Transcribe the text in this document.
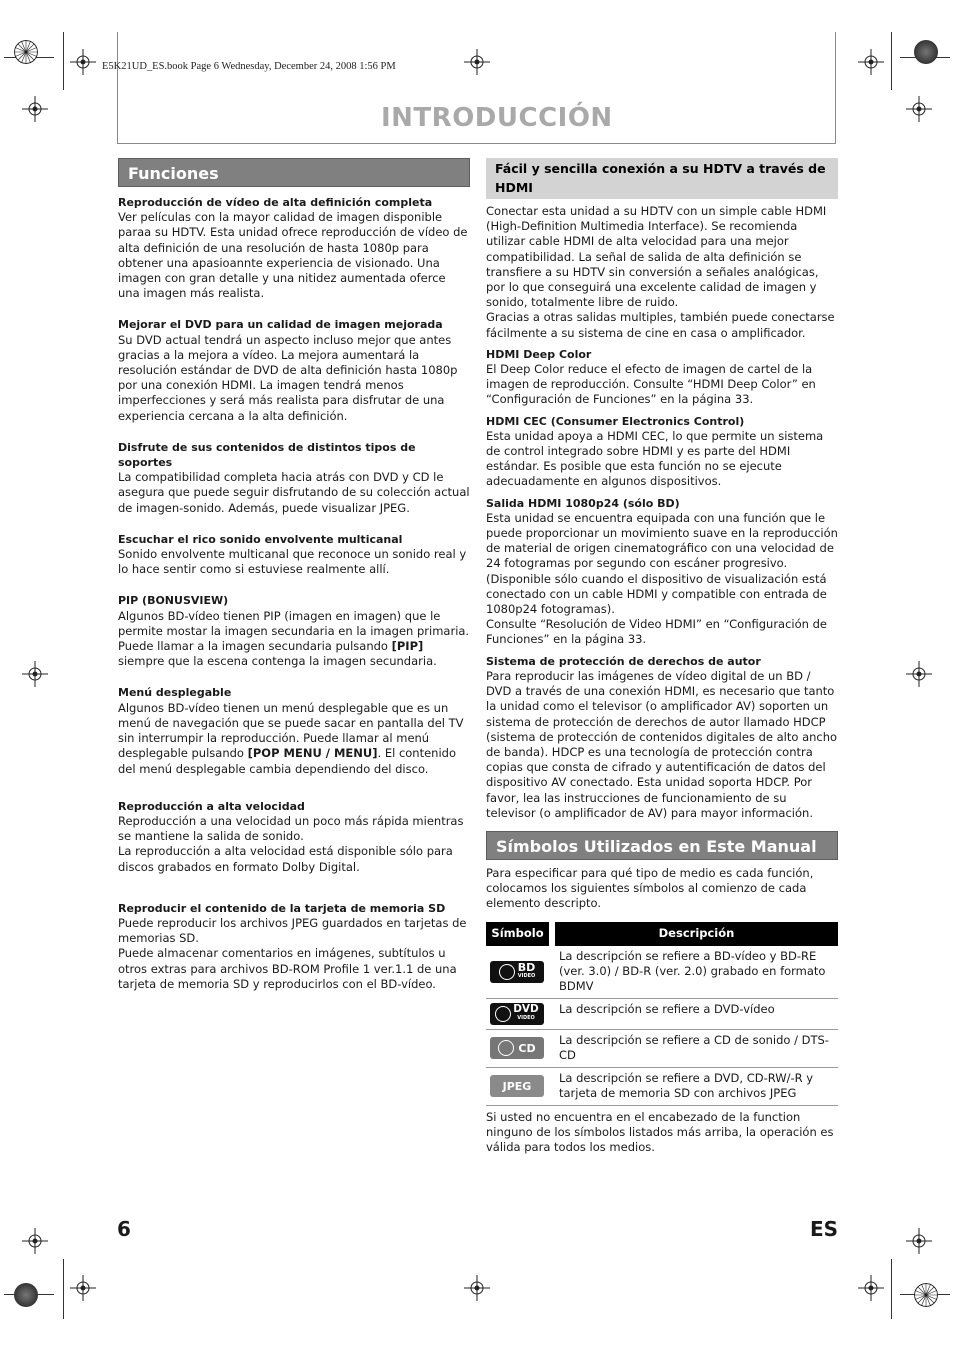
E5K21UD_ES.book Page 6 Wednesday, December 24, 2008 1:56 PM
INTRODUCCIÓN
Funciones
Reproducción de vídeo de alta definición completa

Ver películas con la mayor calidad de imagen disponible paraa su HDTV. Esta unidad ofrece reproducción de vídeo de alta definición de una resolución de hasta 1080p para obtener una apasioannte experiencia de visionado. Una imagen con gran detalle y una nitidez aumentada oferce una imagen más realista.

Mejorar el DVD para un calidad de imagen mejorada

Su DVD actual tendrá un aspecto incluso mejor que antes gracias a la mejora a vídeo. La mejora aumentará la resolución estándar de DVD de alta definición hasta 1080p por una conexión HDMI. La imagen tendrá menos imperfecciones y será más realista para disfrutar de una experiencia cercana a la alta definición.

Disfrute de sus contenidos de distintos tipos de soportes

La compatibilidad completa hacia atrás con DVD y CD le asegura que puede seguir disfrutando de su colección actual de imagen-sonido. Además, puede visualizar JPEG.

Escuchar el rico sonido envolvente multicanal

Sonido envolvente multicanal que reconoce un sonido real y lo hace sentir como si estuviese realmente allí.

PIP (BONUSVIEW)

Algunos BD-vídeo tienen PIP (imagen en imagen) que le permite mostar la imagen secundaria en la imagen primaria. Puede llamar a la imagen secundaria pulsando [PIP] siempre que la escena contenga la imagen secundaria.

Menú desplegable

Algunos BD-vídeo tienen un menú desplegable que es un menú de navegación que se puede sacar en pantalla del TV sin interrumpir la reproducción. Puede llamar al menú desplegable pulsando [POP MENU / MENU]. El contenido del menú desplegable cambia dependiendo del disco.

Reproducción a alta velocidad

Reproducción a una velocidad un poco más rápida mientras se mantiene la salida de sonido.

La reproducción a alta velocidad está disponible sólo para discos grabados en formato Dolby Digital.

Reproducir el contenido de la tarjeta de memoria SD

Puede reproducir los archivos JPEG guardados en tarjetas de memorias SD.

Puede almacenar comentarios en imágenes, subtítulos u otros extras para archivos BD-ROM Profile 1 ver.1.1 de una tarjeta de memoria SD y reproducirlos con el BD-vídeo.

Fácil y sencilla conexión a su HDTV a través de HDMI

Conectar esta unidad a su HDTV con un simple cable HDMI (High-Definition Multimedia Interface). Se recomienda utilizar cable HDMI de alta velocidad para una mejor compatibilidad. La señal de salida de alta definición se transfiere a su HDTV sin conversión a señales analógicas, por lo que conseguirá una excelente calidad de imagen y sonido, totalmente libre de ruido.

Gracias a otras salidas multiples, también puede conectarse fácilmente a su sistema de cine en casa o amplificador.

HDMI Deep Color

El Deep Color reduce el efecto de imagen de cartel de la imagen de reproducción. Consulte “HDMI Deep Color” en “Configuración de Funciones” en la página 33.

HDMI CEC (Consumer Electronics Control)

Esta unidad apoya a HDMI CEC, lo que permite un sistema de control integrado sobre HDMI y es parte del HDMI estándar. Es posible que esta función no se ejecute adecuadamente en algunos dispositivos.

Salida HDMI 1080p24 (sólo BD)

Esta unidad se encuentra equipada con una función que le puede proporcionar un movimiento suave en la reproducción de material de origen cinematográfico con una velocidad de 24 fotogramas por segundo con escáner progresivo. (Disponible sólo cuando el dispositivo de visualización está conectado con un cable HDMI y compatible con entrada de 1080p24 fotogramas).

Consulte “Resolución de Video HDMI” en “Configuración de Funciones” en la página 33.

Sistema de protección de derechos de autor

Para reproducir las imágenes de vídeo digital de un BD / DVD a través de una conexión HDMI, es necesario que tanto la unidad como el televisor (o amplificador AV) soporten un sistema de protección de derechos de autor llamado HDCP (sistema de protección de contenidos digitales de alto ancho de banda). HDCP es una tecnología de protección contra copias que consta de cifrado y autentificación de datos del dispositivo AV conectado. Esta unidad soporta HDCP. Por favor, lea las instrucciones de funcionamiento de su televisor (o amplificador de AV) para mayor información.

Símbolos Utilizados en Este Manual

Para especificar para qué tipo de medio es cada función, colocamos los siguientes símbolos al comienzo de cada elemento descripto.

Símbolo	Descripción

BD
VIDEO	La descripción se refiere a BD-vídeo y BD-RE (ver. 3.0) / BD-R (ver. 2.0) grabado en formato BDMV

DVD
VIDEO	La descripción se refiere a DVD-vídeo

CD	La descripción se refiere a CD de sonido / DTS-CD

JPEG	La descripción se refiere a DVD, CD-RW/-R y tarjeta de memoria SD con archivos JPEG

Si usted no encuentra en el encabezado de la function ninguno de los símbolos listados más arriba, la operación es válida para todos los medios.

6	ES
